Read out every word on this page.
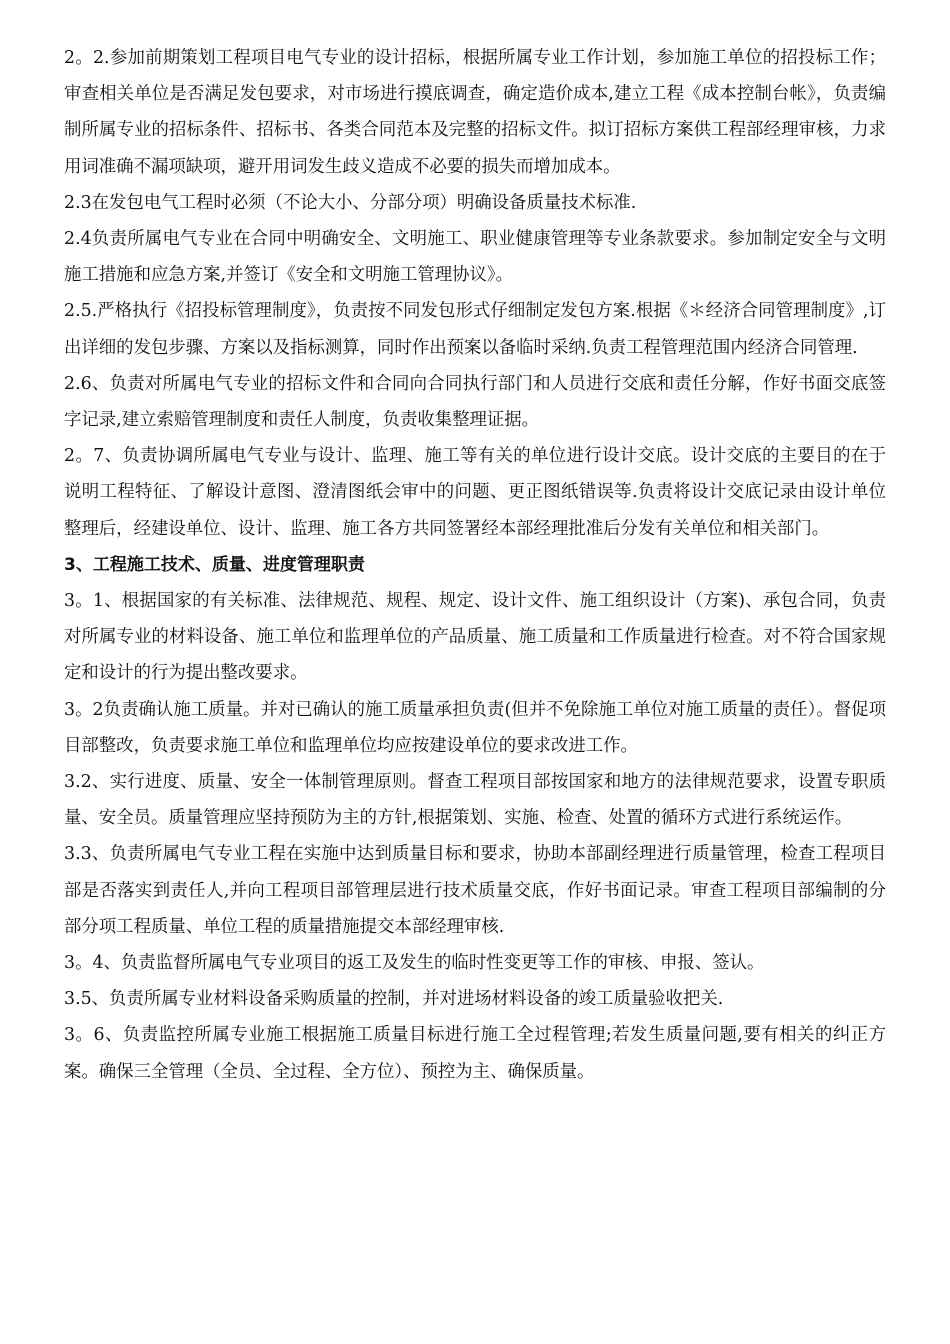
2。2.参加前期策划工程项目电气专业的设计招标，根据所属专业工作计划，参加施工单位的招投标工作；审查相关单位是否满足发包要求，对市场进行摸底调查，确定造价成本,建立工程《成本控制台帐》，负责编制所属专业的招标条件、招标书、各类合同范本及完整的招标文件。拟订招标方案供工程部经理审核，力求用词准确不漏项缺项，避开用词发生歧义造成不必要的损失而增加成本。

2.3在发包电气工程时必须（不论大小、分部分项）明确设备质量技术标准.

2.4负责所属电气专业在合同中明确安全、文明施工、职业健康管理等专业条款要求。参加制定安全与文明施工措施和应急方案,并签订《安全和文明施工管理协议》。

2.5.严格执行《招投标管理制度》，负责按不同发包形式仔细制定发包方案.根据《＊经济合同管理制度》,订出详细的发包步骤、方案以及指标测算，同时作出预案以备临时采纳.负责工程管理范围内经济合同管理.

2.6、负责对所属电气专业的招标文件和合同向合同执行部门和人员进行交底和责任分解，作好书面交底签字记录,建立索赔管理制度和责任人制度，负责收集整理证据。

2。7、负责协调所属电气专业与设计、监理、施工等有关的单位进行设计交底。设计交底的主要目的在于说明工程特征、了解设计意图、澄清图纸会审中的问题、更正图纸错误等.负责将设计交底记录由设计单位整理后，经建设单位、设计、监理、施工各方共同签署经本部经理批准后分发有关单位和相关部门。

3、工程施工技术、质量、进度管理职责

3。1、根据国家的有关标准、法律规范、规程、规定、设计文件、施工组织设计（方案)、承包合同，负责对所属专业的材料设备、施工单位和监理单位的产品质量、施工质量和工作质量进行检查。对不符合国家规定和设计的行为提出整改要求。

3。2负责确认施工质量。并对已确认的施工质量承担负责(但并不免除施工单位对施工质量的责任）。督促项目部整改，负责要求施工单位和监理单位均应按建设单位的要求改进工作。

3.2、实行进度、质量、安全一体制管理原则。督查工程项目部按国家和地方的法律规范要求，设置专职质量、安全员。质量管理应坚持预防为主的方针,根据策划、实施、检查、处置的循环方式进行系统运作。

3.3、负责所属电气专业工程在实施中达到质量目标和要求，协助本部副经理进行质量管理，检查工程项目部是否落实到责任人,并向工程项目部管理层进行技术质量交底，作好书面记录。审查工程项目部编制的分部分项工程质量、单位工程的质量措施提交本部经理审核.

3。4、负责监督所属电气专业项目的返工及发生的临时性变更等工作的审核、申报、签认。

3.5、负责所属专业材料设备采购质量的控制，并对进场材料设备的竣工质量验收把关.

3。6、负责监控所属专业施工根据施工质量目标进行施工全过程管理;若发生质量问题,要有相关的纠正方案。确保三全管理（全员、全过程、全方位）、预控为主、确保质量。
